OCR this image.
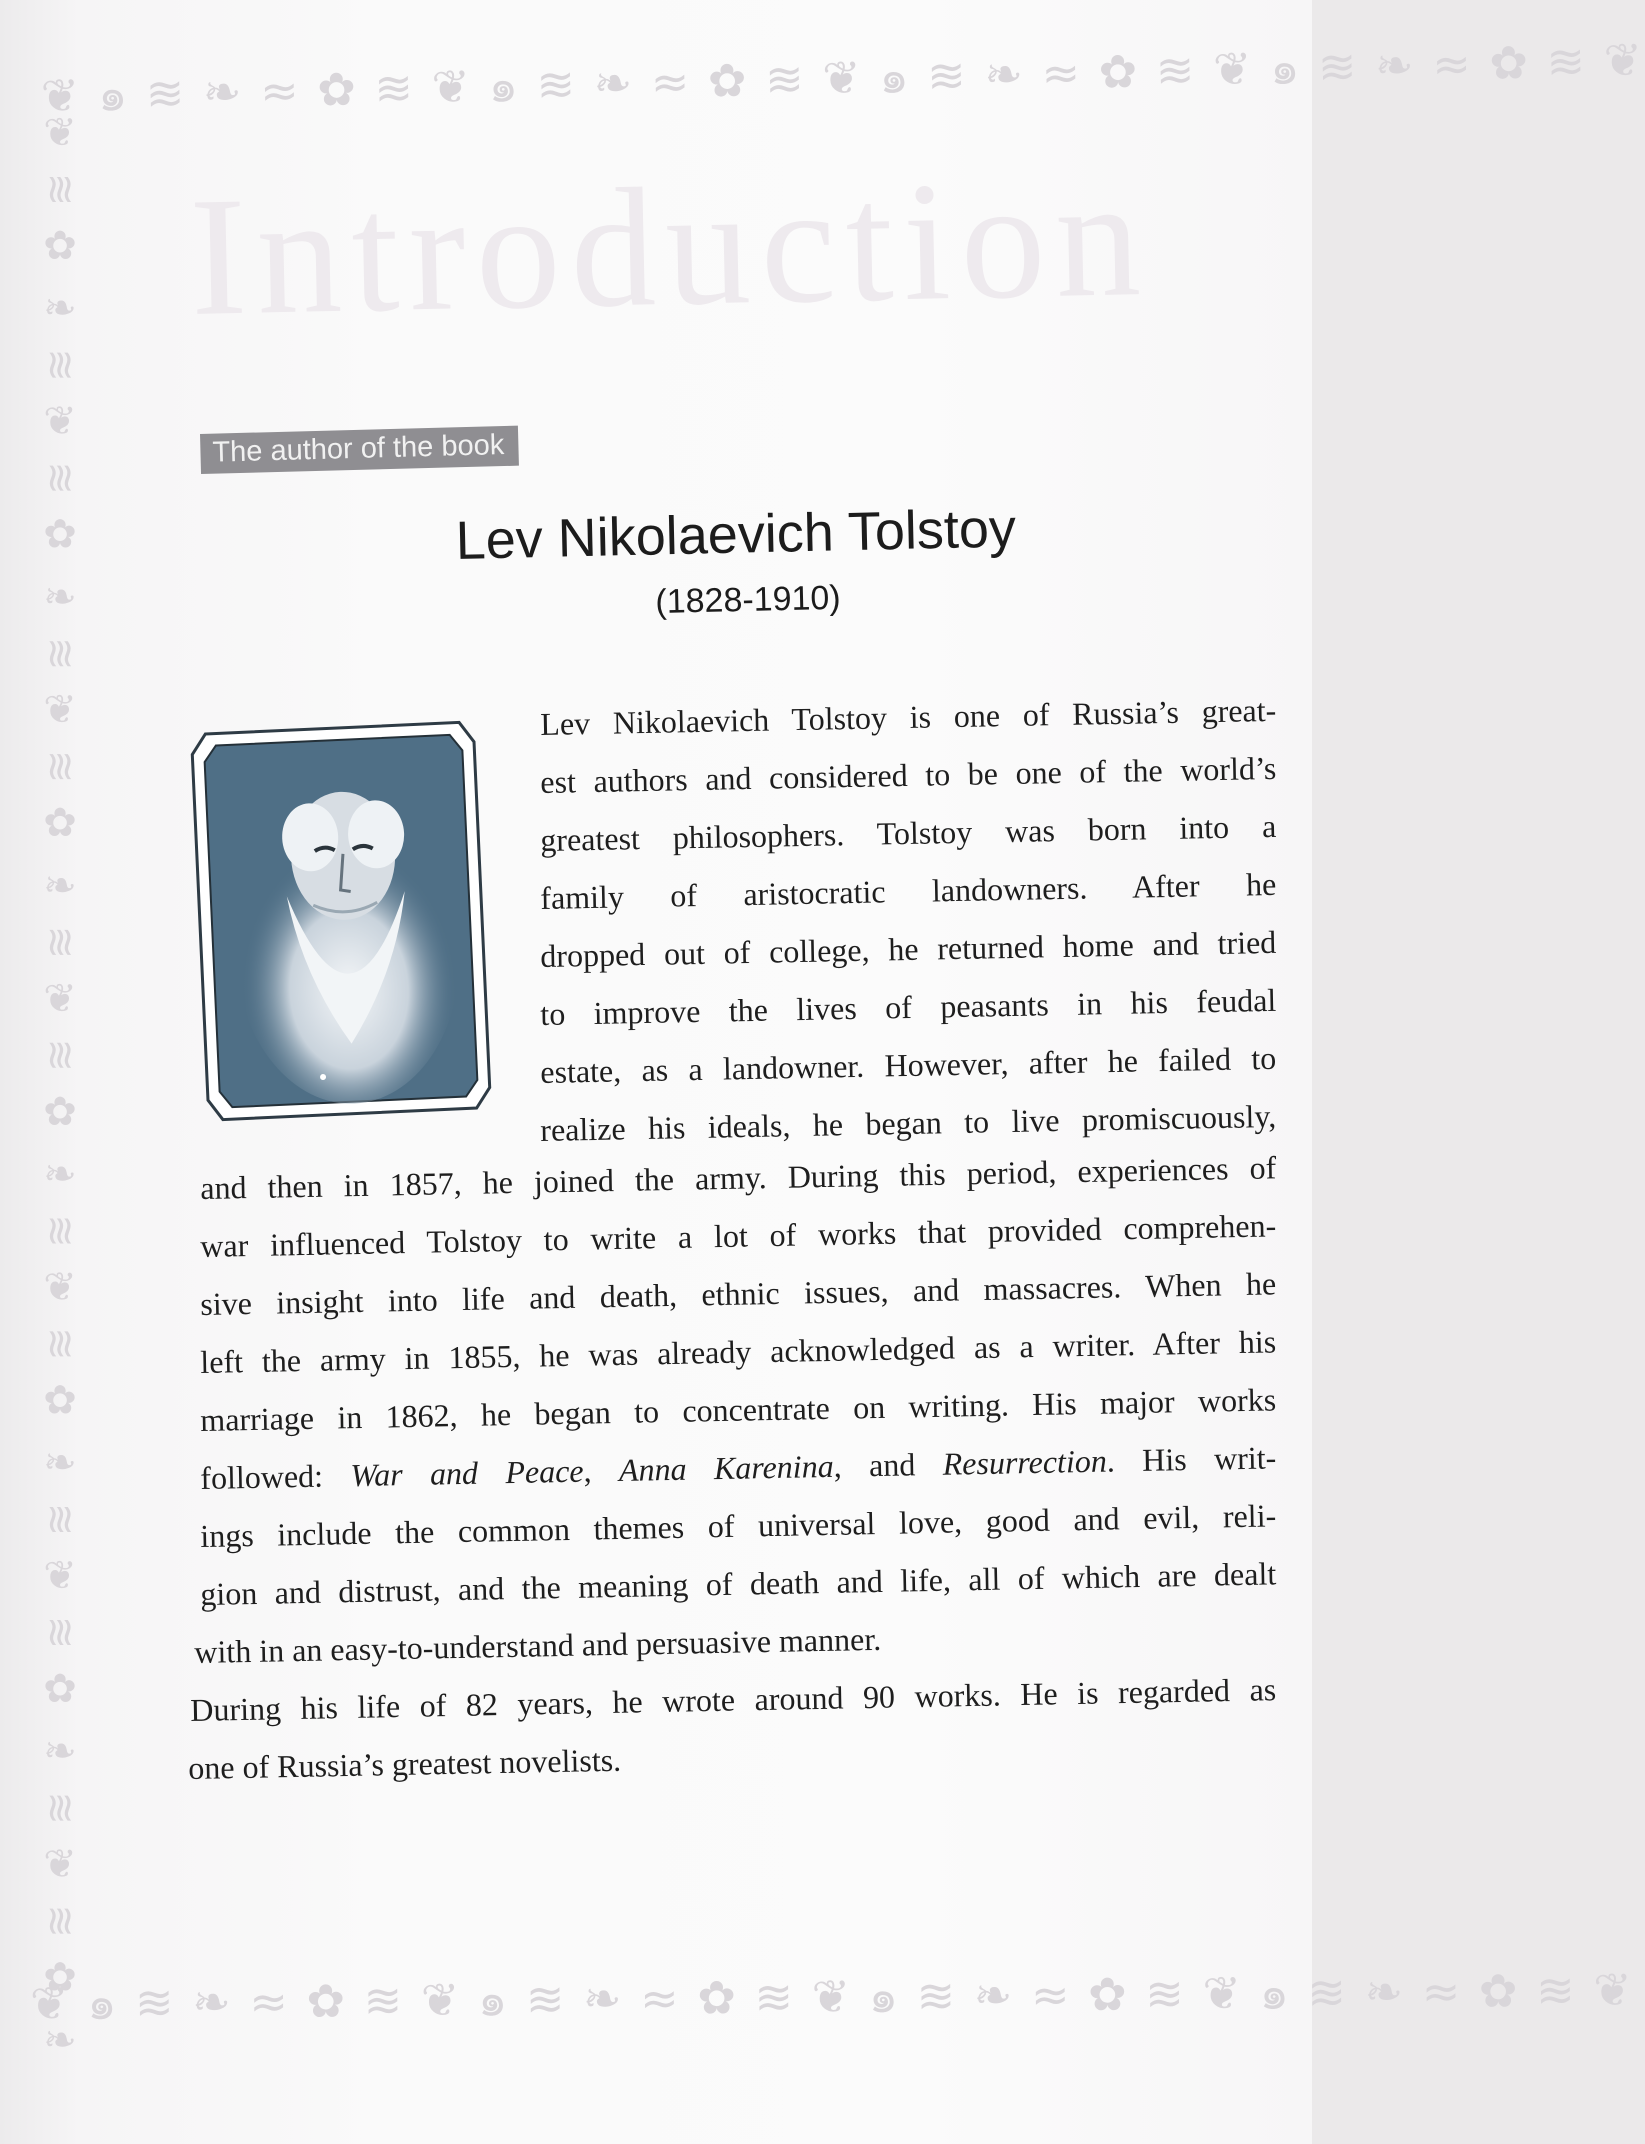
❦ ๑ ≋ ❧ ≈ ✿ ≋ ❦ ๑ ≋ ❧ ≈ ✿ ≋ ❦ ๑ ≋ ❧ ≈ ✿ ≋ ❦ ๑ ≋ ❧ ≈ ✿ ≋ ❦
❦ ≋ ✿ ❧ ≋ ❦ ≋ ✿ ❧ ≋ ❦ ≋ ✿ ❧ ≋ ❦ ≋ ✿ ❧ ≋ ❦ ≋ ✿ ❧ ≋ ❦ ≋ ✿ ❧ ≋ ❦ ≋ ✿ ❧
❦ ๑ ≋ ❧ ≈ ✿ ≋ ❦ ๑ ≋ ❧ ≈ ✿ ≋ ❦ ๑ ≋ ❧ ≈ ✿ ≋ ❦ ๑ ≋ ❧ ≈ ✿ ≋ ❦
Introduction
The author of the book
Lev Nikolaevich Tolstoy
(1828-1910)
Lev Nikolaevich Tolstoy is one of Russia’s great-
est authors and considered to be one of the world’s
greatest philosophers. Tolstoy was born into a
family of aristocratic landowners. After he
dropped out of college, he returned home and tried
to improve the lives of peasants in his feudal
estate, as a landowner. However, after he failed to
realize his ideals, he began to live promiscuously,
and then in 1857, he joined the army. During this period, experiences of
war influenced Tolstoy to write a lot of works that provided comprehen-
sive insight into life and death, ethnic issues, and massacres. When he
left the army in 1855, he was already acknowledged as a writer. After his
marriage in 1862, he began to concentrate on writing. His major works
followed: War and Peace, Anna Karenina, and Resurrection. His writ-
ings include the common themes of universal love, good and evil, reli-
gion and distrust, and the meaning of death and life, all of which are dealt
with in an easy-to-understand and persuasive manner.
During his life of 82 years, he wrote around 90 works. He is regarded as
one of Russia’s greatest novelists.
